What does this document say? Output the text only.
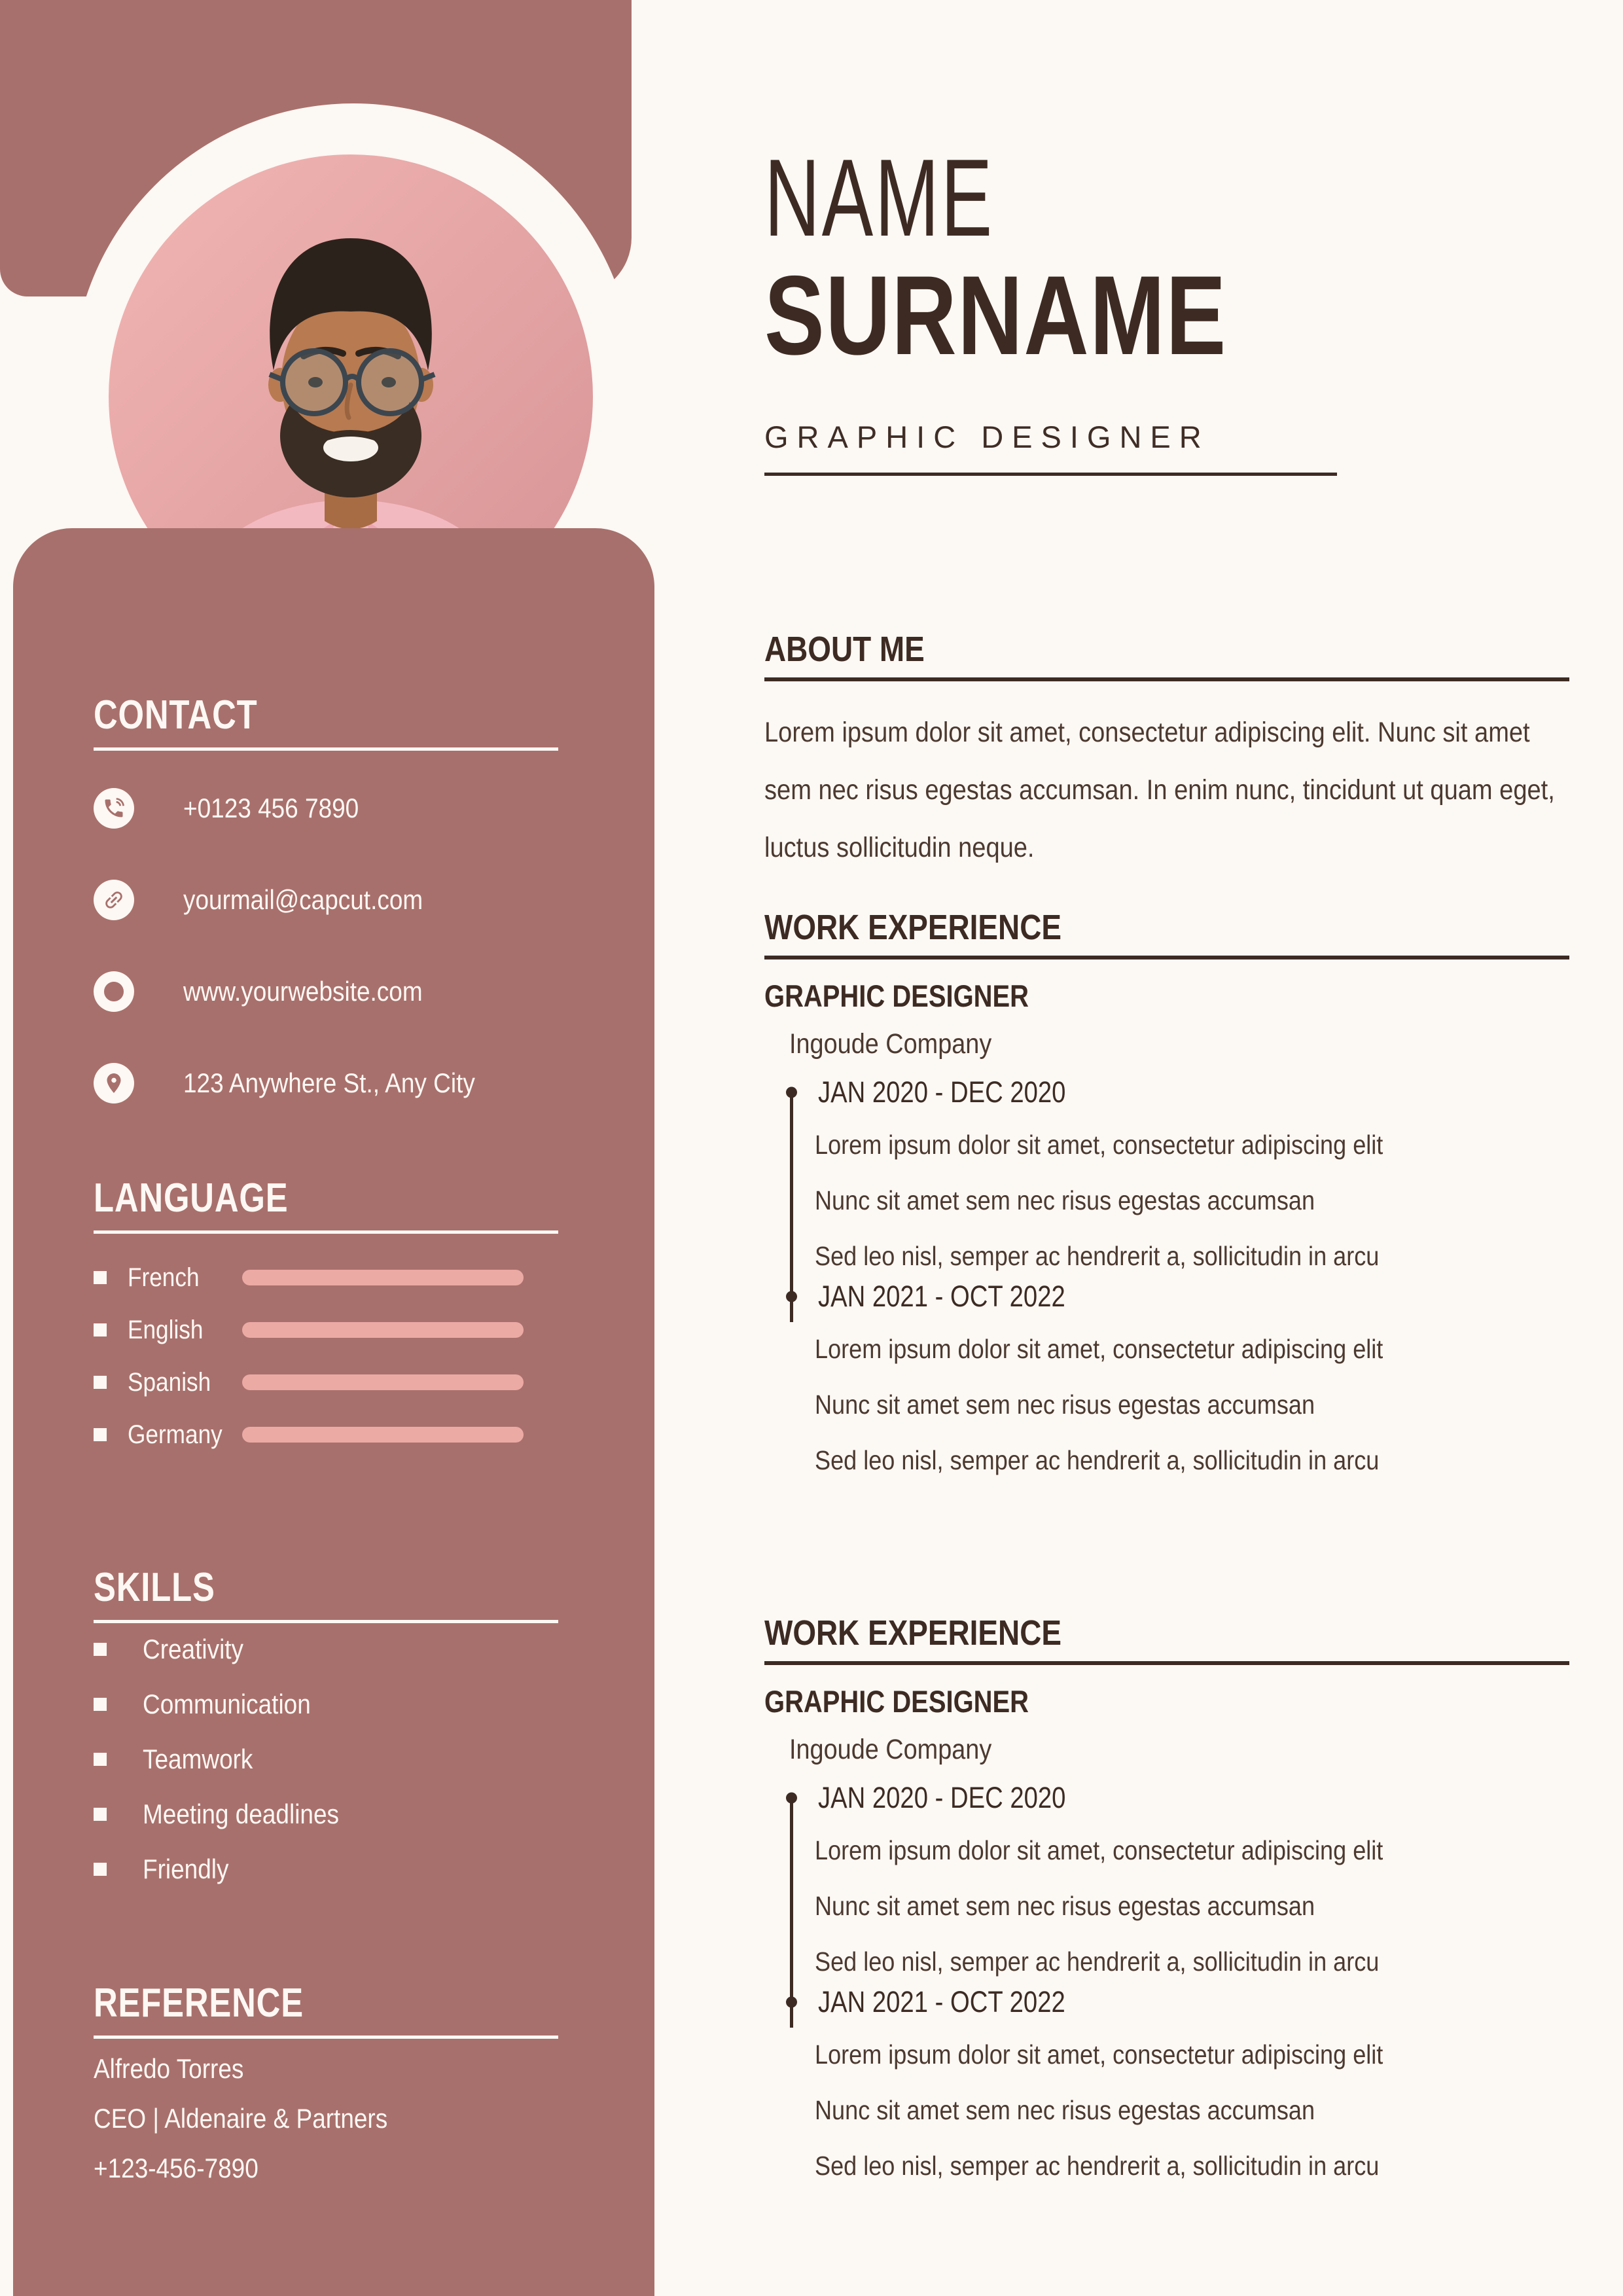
CONTACT
+0123 456 7890
yourmail@capcut.com
www.yourwebsite.com
123 Anywhere St., Any City
LANGUAGE
French
English
Spanish
Germany
SKILLS
Creativity
Communication
Teamwork
Meeting deadlines
Friendly
REFERENCE
Alfredo Torres
CEO | Aldenaire & Partners
+123-456-7890
NAME
SURNAME
GRAPHIC DESIGNER
ABOUT ME

Lorem ipsum dolor sit amet, consectetur adipiscing elit. Nunc sit amet sem nec risus egestas accumsan. In enim nunc, tincidunt ut quam eget, luctus sollicitudin neque.

WORK EXPERIENCE
GRAPHIC DESIGNER
Ingoude Company
JAN 2020 - DEC 2020
Lorem ipsum dolor sit amet, consectetur adipiscing elit
Nunc sit amet sem nec risus egestas accumsan
Sed leo nisl, semper ac hendrerit a, sollicitudin in arcu
JAN 2021 - OCT 2022
Lorem ipsum dolor sit amet, consectetur adipiscing elit
Nunc sit amet sem nec risus egestas accumsan
Sed leo nisl, semper ac hendrerit a, sollicitudin in arcu
WORK EXPERIENCE
GRAPHIC DESIGNER
Ingoude Company
JAN 2020 - DEC 2020
Lorem ipsum dolor sit amet, consectetur adipiscing elit
Nunc sit amet sem nec risus egestas accumsan
Sed leo nisl, semper ac hendrerit a, sollicitudin in arcu
JAN 2021 - OCT 2022
Lorem ipsum dolor sit amet, consectetur adipiscing elit
Nunc sit amet sem nec risus egestas accumsan
Sed leo nisl, semper ac hendrerit a, sollicitudin in arcu
